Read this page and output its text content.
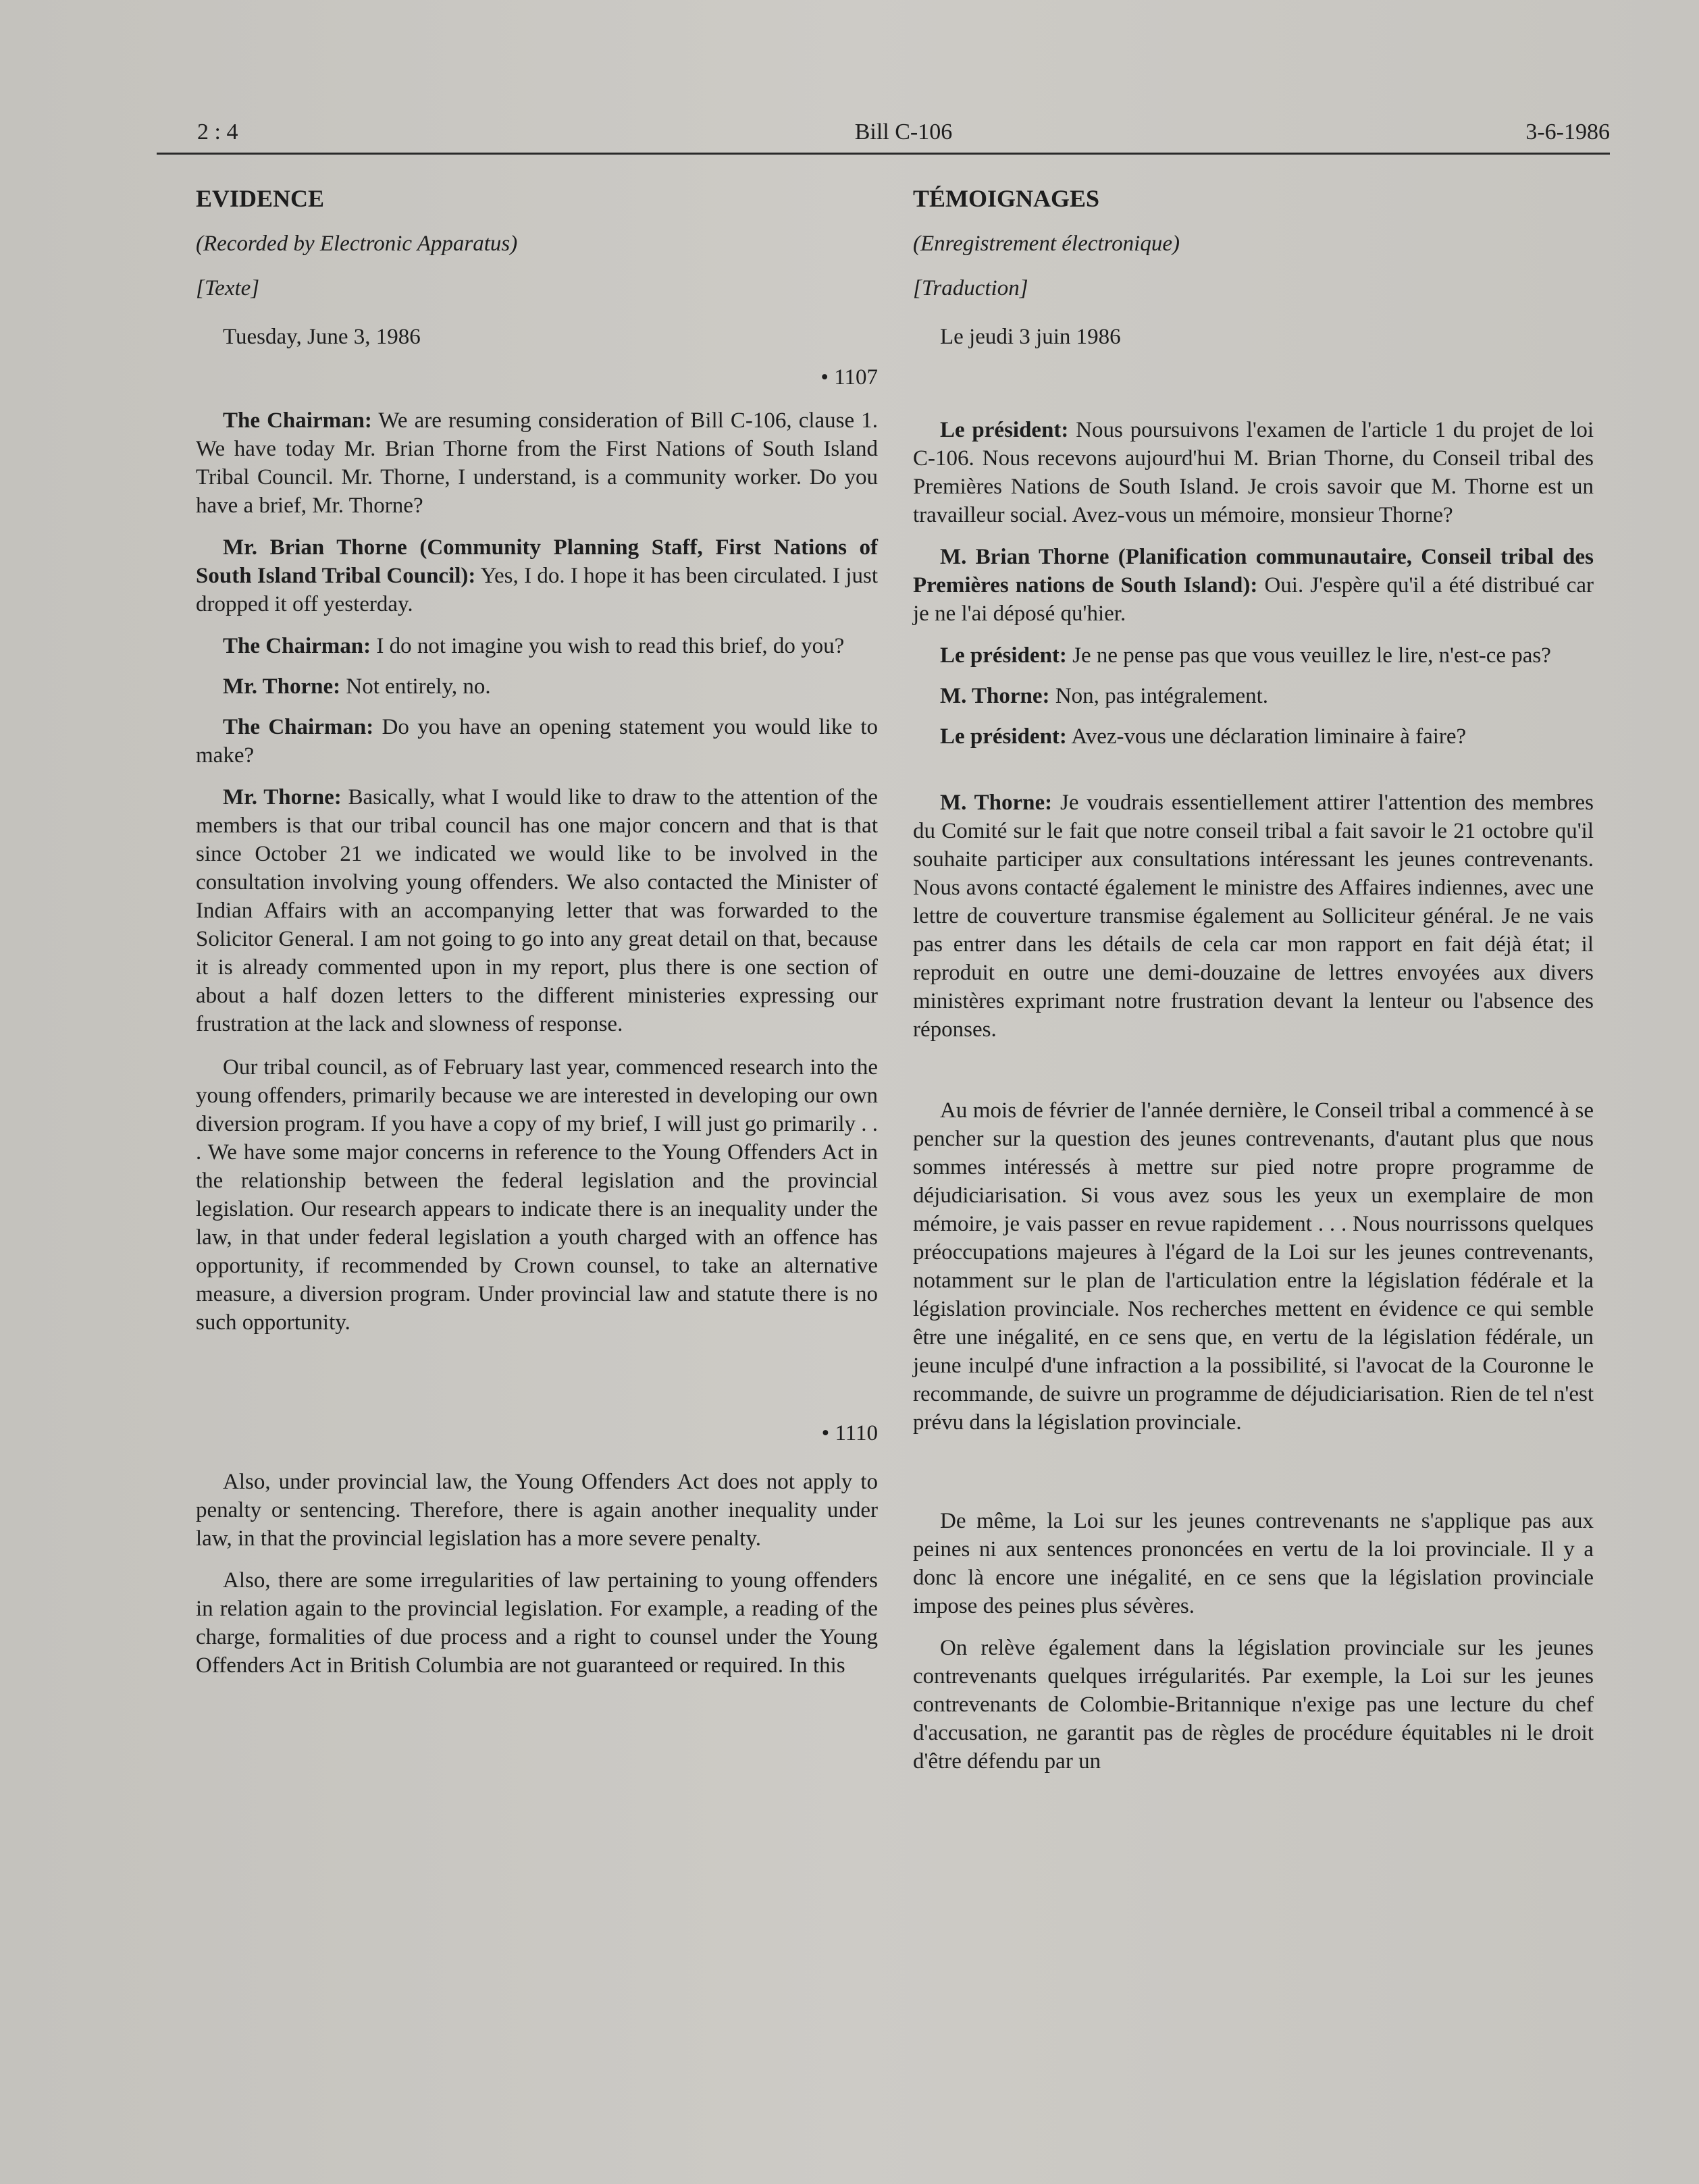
2 : 4	Bill C-106	3-6-1986
EVIDENCE
(Recorded by Electronic Apparatus)
[Texte]
Tuesday, June 3, 1986
• 1107

The Chairman: We are resuming consideration of Bill C-106, clause 1. We have today Mr. Brian Thorne from the First Nations of South Island Tribal Council. Mr. Thorne, I understand, is a community worker. Do you have a brief, Mr. Thorne?

Mr. Brian Thorne (Community Planning Staff, First Nations of South Island Tribal Council): Yes, I do. I hope it has been circulated. I just dropped it off yesterday.

The Chairman: I do not imagine you wish to read this brief, do you?

Mr. Thorne: Not entirely, no.

The Chairman: Do you have an opening statement you would like to make?

Mr. Thorne: Basically, what I would like to draw to the attention of the members is that our tribal council has one major concern and that is that since October 21 we indicated we would like to be involved in the consultation involving young offenders. We also contacted the Minister of Indian Affairs with an accompanying letter that was forwarded to the Solicitor General. I am not going to go into any great detail on that, because it is already commented upon in my report, plus there is one section of about a half dozen letters to the different ministeries expressing our frustration at the lack and slowness of response.

Our tribal council, as of February last year, commenced research into the young offenders, primarily because we are interested in developing our own diversion program. If you have a copy of my brief, I will just go primarily . . . We have some major concerns in reference to the Young Offenders Act in the relationship between the federal legislation and the provincial legislation. Our research appears to indicate there is an inequality under the law, in that under federal legislation a youth charged with an offence has opportunity, if recommended by Crown counsel, to take an alternative measure, a diversion program. Under provincial law and statute there is no such opportunity.

• 1110

Also, under provincial law, the Young Offenders Act does not apply to penalty or sentencing. Therefore, there is again another inequality under law, in that the provincial legislation has a more severe penalty.

Also, there are some irregularities of law pertaining to young offenders in relation again to the provincial legislation. For example, a reading of the charge, formalities of due process and a right to counsel under the Young Offenders Act in British Columbia are not guaranteed or required. In this

TÉMOIGNAGES
(Enregistrement électronique)
[Traduction]
Le jeudi 3 juin 1986

Le président: Nous poursuivons l'examen de l'article 1 du projet de loi C-106. Nous recevons aujourd'hui M. Brian Thorne, du Conseil tribal des Premières Nations de South Island. Je crois savoir que M. Thorne est un travailleur social. Avez-vous un mémoire, monsieur Thorne?

M. Brian Thorne (Planification communautaire, Conseil tribal des Premières nations de South Island): Oui. J'espère qu'il a été distribué car je ne l'ai déposé qu'hier.

Le président: Je ne pense pas que vous veuillez le lire, n'est-ce pas?

M. Thorne: Non, pas intégralement.

Le président: Avez-vous une déclaration liminaire à faire?

M. Thorne: Je voudrais essentiellement attirer l'attention des membres du Comité sur le fait que notre conseil tribal a fait savoir le 21 octobre qu'il souhaite participer aux consultations intéressant les jeunes contrevenants. Nous avons contacté également le ministre des Affaires indiennes, avec une lettre de couverture transmise également au Solliciteur général. Je ne vais pas entrer dans les détails de cela car mon rapport en fait déjà état; il reproduit en outre une demi-douzaine de lettres envoyées aux divers ministères exprimant notre frustration devant la lenteur ou l'absence des réponses.

Au mois de février de l'année dernière, le Conseil tribal a commencé à se pencher sur la question des jeunes contrevenants, d'autant plus que nous sommes intéressés à mettre sur pied notre propre programme de déjudiciarisation. Si vous avez sous les yeux un exemplaire de mon mémoire, je vais passer en revue rapidement . . . Nous nourrissons quelques préoccupations majeures à l'égard de la Loi sur les jeunes contrevenants, notamment sur le plan de l'articulation entre la législation fédérale et la législation provinciale. Nos recherches mettent en évidence ce qui semble être une inégalité, en ce sens que, en vertu de la législation fédérale, un jeune inculpé d'une infraction a la possibilité, si l'avocat de la Couronne le recommande, de suivre un programme de déjudiciarisation. Rien de tel n'est prévu dans la législation provinciale.

De même, la Loi sur les jeunes contrevenants ne s'applique pas aux peines ni aux sentences prononcées en vertu de la loi provinciale. Il y a donc là encore une inégalité, en ce sens que la législation provinciale impose des peines plus sévères.

On relève également dans la législation provinciale sur les jeunes contrevenants quelques irrégularités. Par exemple, la Loi sur les jeunes contrevenants de Colombie-Britannique n'exige pas une lecture du chef d'accusation, ne garantit pas de règles de procédure équitables ni le droit d'être défendu par un
